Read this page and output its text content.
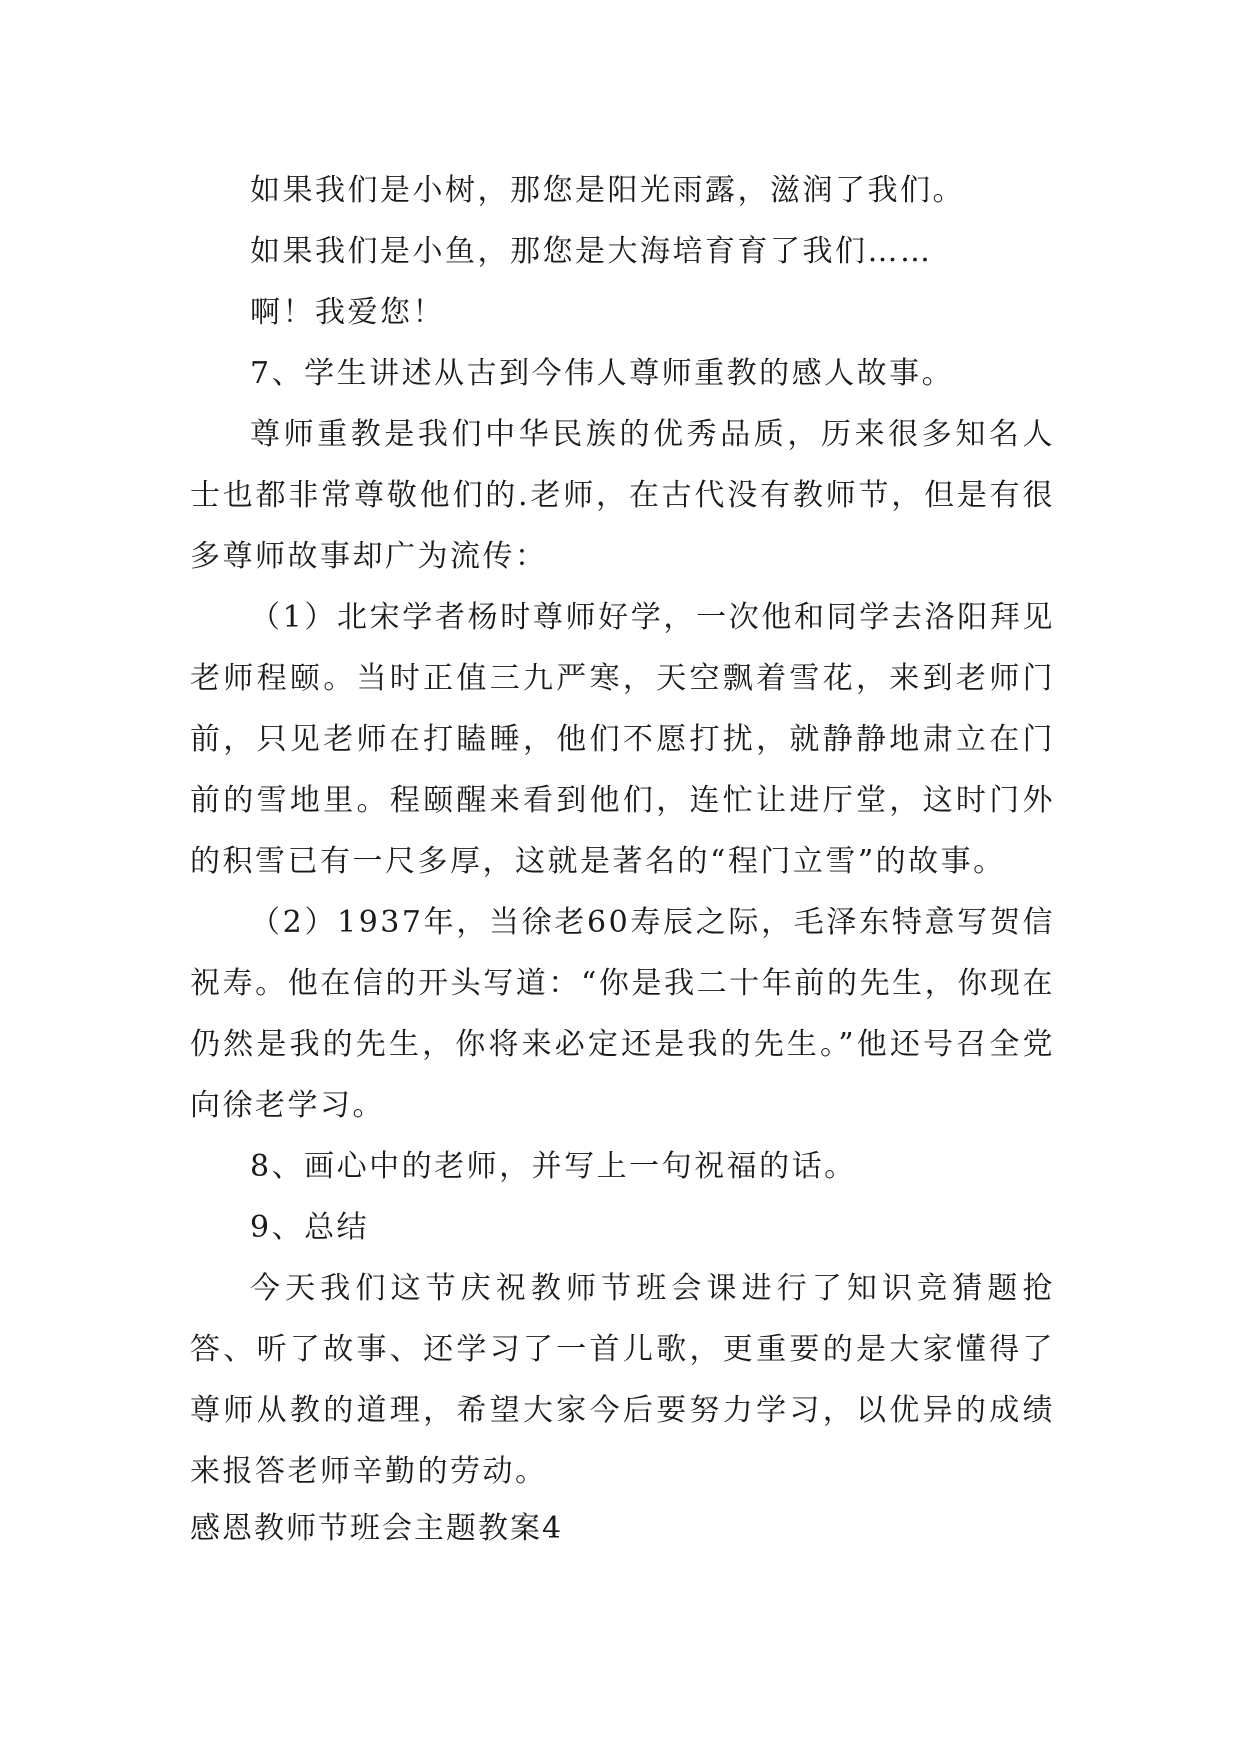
如果我们是小树，那您是阳光雨露，滋润了我们。

如果我们是小鱼，那您是大海培育育了我们……

啊！我爱您！

7、学生讲述从古到今伟人尊师重教的感人故事。

尊师重教是我们中华民族的优秀品质，历来很多知名人士也都非常尊敬他们的.老师，在古代没有教师节，但是有很多尊师故事却广为流传：

（1）北宋学者杨时尊师好学，一次他和同学去洛阳拜见老师程颐。当时正值三九严寒，天空飘着雪花，来到老师门前，只见老师在打瞌睡，他们不愿打扰，就静静地肃立在门前的雪地里。程颐醒来看到他们，连忙让进厅堂，这时门外的积雪已有一尺多厚，这就是著名的“程门立雪”的故事。

（2）1937年，当徐老60寿辰之际，毛泽东特意写贺信祝寿。他在信的开头写道：“你是我二十年前的先生，你现在仍然是我的先生，你将来必定还是我的先生。”他还号召全党向徐老学习。

8、画心中的老师，并写上一句祝福的话。

9、总结

今天我们这节庆祝教师节班会课进行了知识竞猜题抢答、听了故事、还学习了一首儿歌，更重要的是大家懂得了尊师从教的道理，希望大家今后要努力学习，以优异的成绩来报答老师辛勤的劳动。

感恩教师节班会主题教案4
